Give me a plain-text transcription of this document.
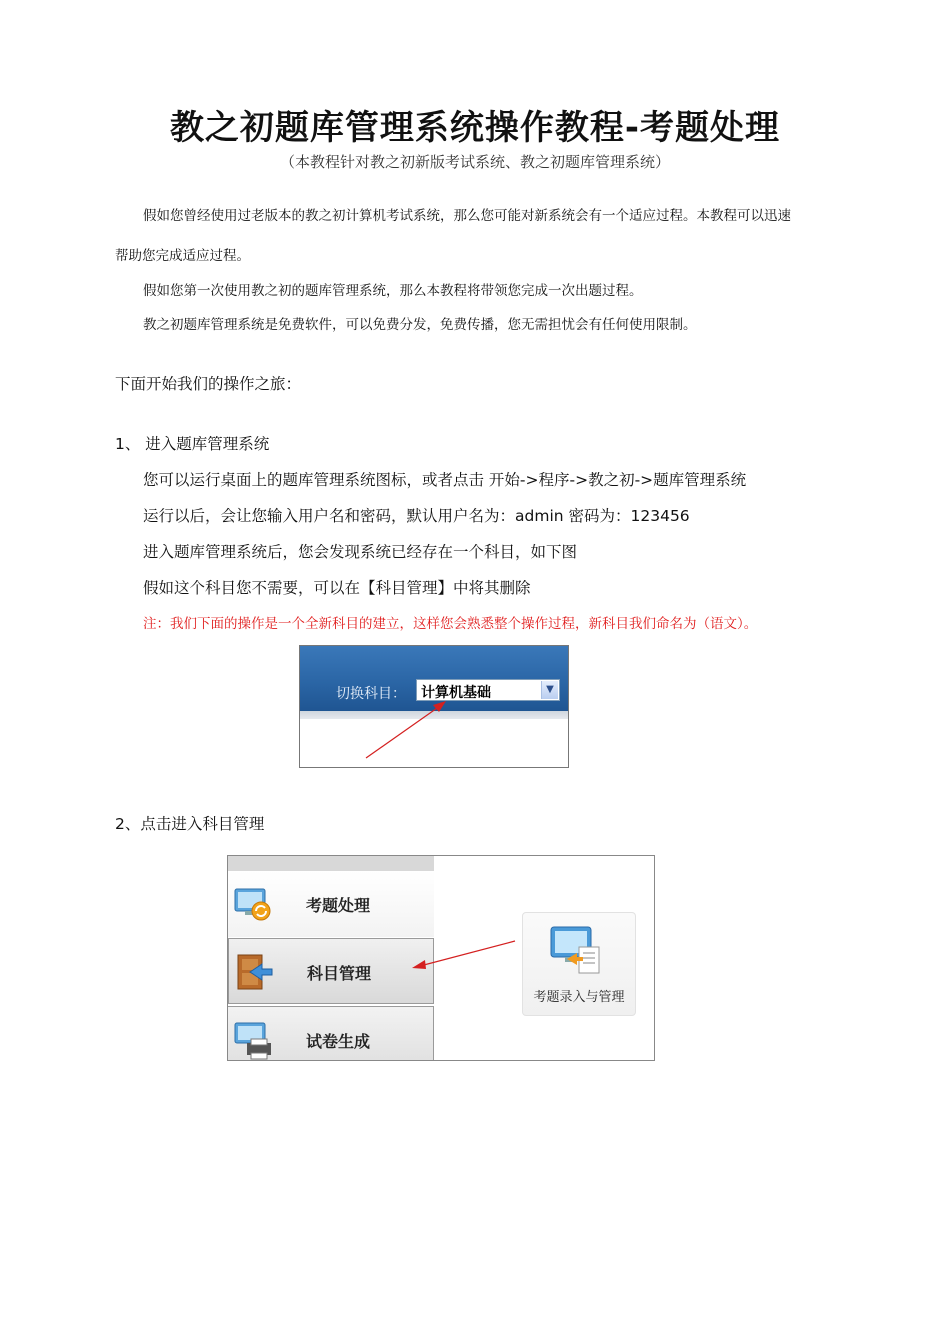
教之初题库管理系统操作教程-考题处理
（本教程针对教之初新版考试系统、教之初题库管理系统）
假如您曾经使用过老版本的教之初计算机考试系统，那么您可能对新系统会有一个适应过程。本教程可以迅速
帮助您完成适应过程。
假如您第一次使用教之初的题库管理系统，那么本教程将带领您完成一次出题过程。
教之初题库管理系统是免费软件，可以免费分发，免费传播，您无需担忧会有任何使用限制。
下面开始我们的操作之旅：
1、 进入题库管理系统
您可以运行桌面上的题库管理系统图标，或者点击 开始->程序->教之初->题库管理系统
运行以后，会让您输入用户名和密码，默认用户名为：admin 密码为：123456
进入题库管理系统后，您会发现系统已经存在一个科目，如下图
假如这个科目您不需要，可以在【科目管理】中将其删除
注：我们下面的操作是一个全新科目的建立，这样您会熟悉整个操作过程，新科目我们命名为（语文）。
切换科目： 计算机基础	▼
2、点击进入科目管理
考题处理
科目管理
试卷生成
考题录入与管理
